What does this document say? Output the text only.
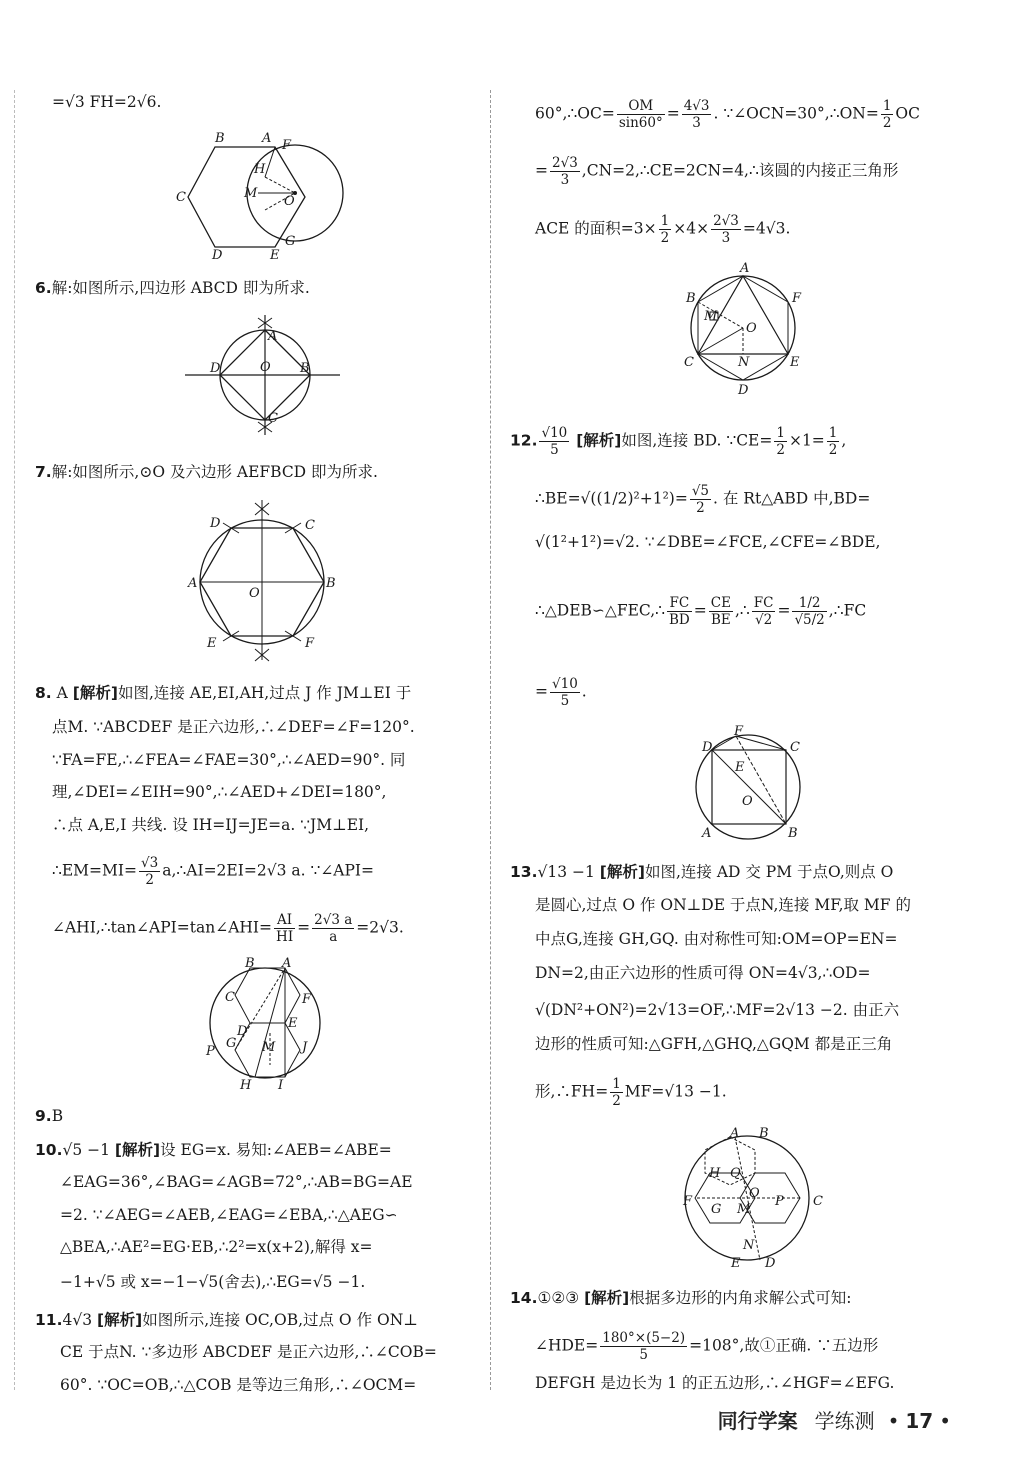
=√3 FH=2√6.
B	A F
H
C	M
O
D	E
G
6.解:如图所示,四边形 ABCD 即为所求.
A
D	O B
C
7.解:如图所示,⊙O 及六边形 AEFBCD 即为所求.
D	C
A
O
B
E	F
8. A [解析]如图,连接 AE,EI,AH,过点 J 作 JM⊥EI 于
点M. ∵ABCDEF 是正六边形,∴∠DEF=∠F=120°.
∵FA=FE,∴∠FEA=∠FAE=30°,∴∠AED=90°. 同
理,∠DEI=∠EIH=90°,∴∠AED+∠DEI=180°,
∴点 A,E,I 共线. 设 IH=IJ=JE=a. ∵JM⊥EI,
∴EM=MI= $\frac{√3}{2}$ a,∴AI=2EI=2√3 a. ∵∠API=
∠AHI,∴tan∠API=tan∠AHI= $\frac{AI}{HI} = \frac{2√3 a}{a} =2√3$.
B A
C	F
D
E
G M
P	J
H I
9.B
10.√5 −1 [解析]设 EG=x. 易知:∠AEB=∠ABE=
∠EAG=36°,∠BAG=∠AGB=72°,∴AB=BG=AE
=2. ∵∠AEG=∠AEB,∠EAG=∠EBA,∴△AEG∽
△BEA,∴AE²=EG·EB,∴2²=x(x+2),解得 x=
−1+√5 或 x=−1−√5(舍去),∴EG=√5 −1.
11.4√3 [解析]如图所示,连接 OC,OB,过点 O 作 ON⊥
CE 于点N. ∵多边形 ABCDEF 是正六边形,∴∠COB=
60°. ∵OC=OB,∴△COB 是等边三角形,∴∠OCM=
60°,∴OC= $\frac{OM}{\sin 60^\circ} = \frac{4√3}{3}$ . ∵∠OCN=30°,∴ON= $\frac{1}{2}$ OC
= $\frac{2√3}{3}$ ,CN=2,∴CE=2CN=4,∴该圆的内接正三角形
ACE 的面积$=3\times \frac{1}{2} \times 4\times \frac{2√3}{3} =4√3$.
A
B	F
M
O
C	N	E
D
12. $\frac{√10}{5}$ [解析]如图,连接 BD. ∵CE= $\frac{1}{2} \times 1= \frac{1}{2}$ ,
∴BE=√((1/2)²+1²)= $\frac{√5}{2}$ . 在 Rt△ABD 中,BD=
√(1²+1²)=√2. ∵∠DBE=∠FCE,∠CFE=∠BDE,
∴△DEB∽△FEC,∴ $\frac{FC}{BD} = \frac{CE}{BE}$ ,∴ $\frac{FC}{√2} = \frac{1/2}{√5/2}$ ,∴FC
= $\frac{√10}{5}$ .
D
F
C
E
O
A	B
13.√13 −1 [解析]如图,连接 AD 交 PM 于点O,则点 O
是圆心,过点 O 作 ON⊥DE 于点N,连接 MF,取 MF 的
中点G,连接 GH,GQ. 由对称性可知:OM=OP=EN=
DN=2,由正六边形的性质可得 ON=4√3,∴OD=
√(DN²+ON²)=2√13=OF,∴MF=2√13 −2. 由正六
边形的性质可知:△GFH,△GHQ,△GQM 都是正三角
形,∴FH= $\frac{1}{2} MF=√13 -1$.
A B
H Q
F
G
O
M
P C
N
E D
14.①②③ [解析]根据多边形的内角求解公式可知:
∠HDE= $\frac{180^\circ\times(5-2)}{5} =108^\circ$,故①正确. ∵五边形
DEFGH 是边长为 1 的正五边形,∴∠HGF=∠EFG.
同行学案 学练测 • 17 •
